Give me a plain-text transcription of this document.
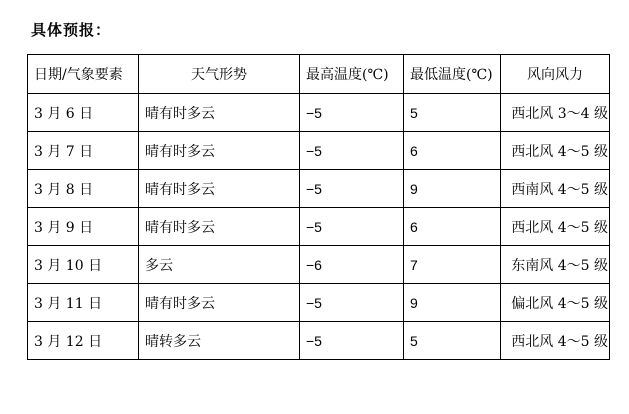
具体预报：
日期/气象要素	天气形势	最高温度(℃)	最低温度(℃)	风向风力
3 月 6 日	晴有时多云	−5	5	西北风 3～4 级
3 月 7 日	晴有时多云	−5	6	西北风 4～5 级
3 月 8 日	晴有时多云	−5	9	西南风 4～5 级
3 月 9 日	晴有时多云	−5	6	西北风 4～5 级
3 月 10 日	多云	−6	7	东南风 4～5 级
3 月 11 日	晴有时多云	−5	9	偏北风 4～5 级
3 月 12 日	晴转多云	−5	5	西北风 4～5 级
